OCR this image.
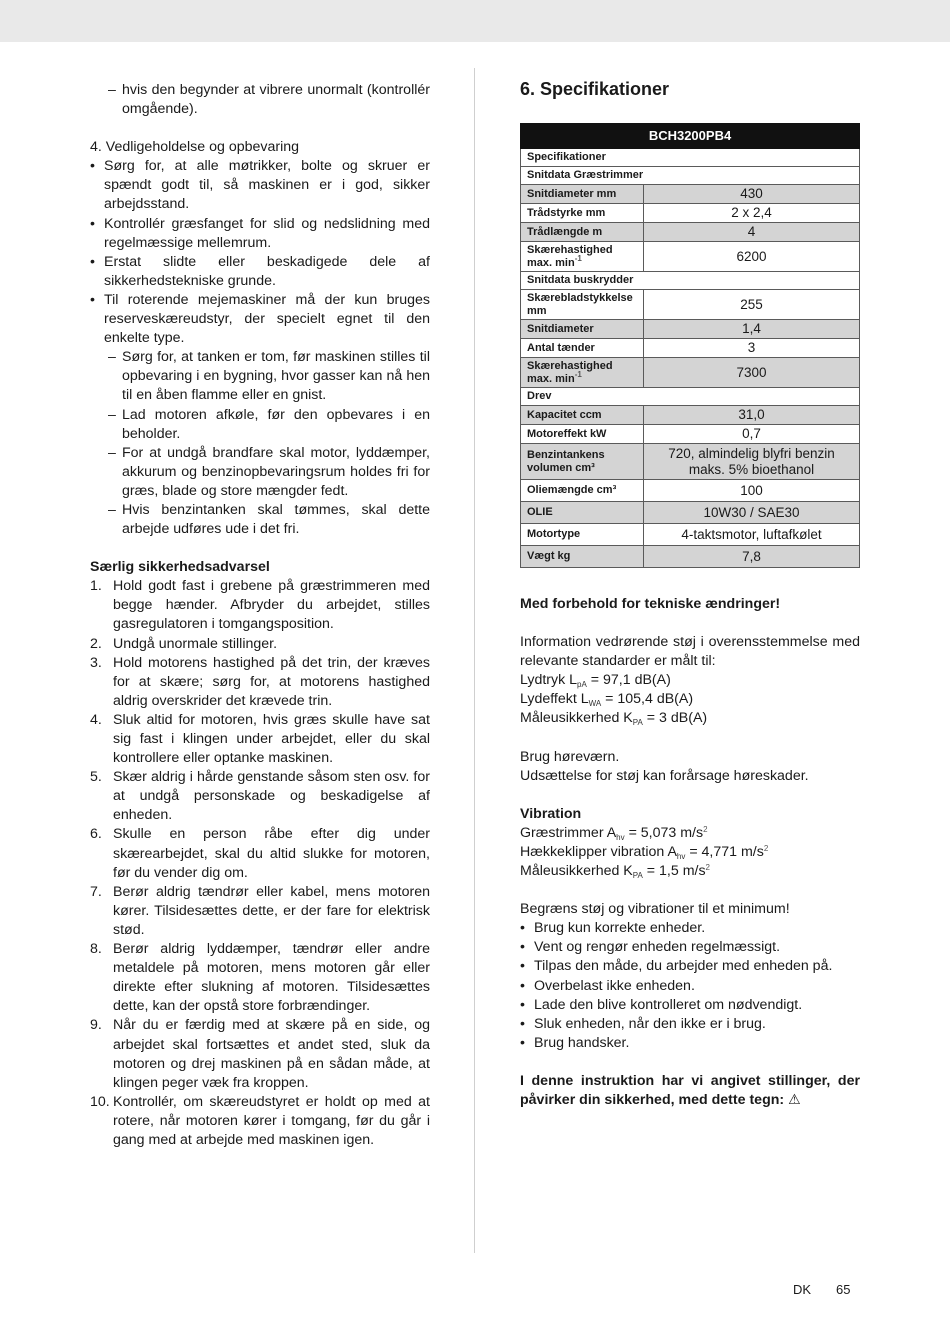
– hvis den begynder at vibrere unormalt (kontrollér omgående).
4. Vedligeholdelse og opbevaring
• Sørg for, at alle møtrikker, bolte og skruer er spændt godt til, så maskinen er i god, sikker arbejdsstand.
• Kontrollér græsfanget for slid og nedslidning med regelmæssige mellemrum.
• Erstat slidte eller beskadigede dele af sikkerhedstekniske grunde.
• Til roterende mejemaskiner må der kun bruges reserveskæreudstyr, der specielt egnet til den enkelte type.
– Sørg for, at tanken er tom, før maskinen stilles til opbevaring i en bygning, hvor gasser kan nå hen til en åben flamme eller en gnist.
– Lad motoren afkøle, før den opbevares i en beholder.
– For at undgå brandfare skal motor, lyddæmper, akkurum og benzinopbevaringsrum holdes fri for græs, blade og store mængder fedt.
– Hvis benzintanken skal tømmes, skal dette arbejde udføres ude i det fri.
Særlig sikkerhedsadvarsel
1. Hold godt fast i grebene på græstrimmeren med begge hænder. Afbryder du arbejdet, stilles gasregulatoren i tomgangsposition.
2. Undgå unormale stillinger.
3. Hold motorens hastighed på det trin, der kræves for at skære; sørg for, at motorens hastighed aldrig overskrider det krævede trin.
4. Sluk altid for motoren, hvis græs skulle have sat sig fast i klingen under arbejdet, eller du skal kontrollere eller optanke maskinen.
5. Skær aldrig i hårde genstande såsom sten osv. for at undgå personskade og beskadigelse af enheden.
6. Skulle en person råbe efter dig under skærearbejdet, skal du altid slukke for motoren, før du vender dig om.
7. Berør aldrig tændrør eller kabel, mens motoren kører. Tilsidesættes dette, er der fare for elektrisk stød.
8. Berør aldrig lyddæmper, tændrør eller andre metaldele på motoren, mens motoren går eller direkte efter slukning af motoren. Tilsidesættes dette, kan der opstå store forbrændinger.
9. Når du er færdig med at skære på en side, og arbejdet skal fortsættes et andet sted, sluk da motoren og drej maskinen på en sådan måde, at klingen peger væk fra kroppen.
10. Kontrollér, om skæreudstyret er holdt op med at rotere, når motoren kører i tomgang, før du går i gang med at arbejde med maskinen igen.
6. Specifikationer
BCH3200PB4	
Specifikationer	
Snitdata Græstrimmer	
Snitdiameter mm	430
Trådstyrke mm	2 x 2,4
Trådlængde m	4
Skærehastighed
max. $\min^{-1}$	6200
Snitdata buskrydder	
Skærebladstykkelse
mm	255
Snitdiameter	1,4
Antal tænder	3
Skærehastighed
max. $\min^{-1}$	7300
Drev	
Kapacitet ccm	31,0
Motoreffekt kW	0,7
Benzintankens
volumen cm³	720, almindelig blyfri benzin maks. 5% bioethanol
Oliemængde cm³	100
OLIE	10W30 / SAE30
Motortype	4-taktsmotor, luftafkølet
Vægt kg	7,8
Med forbehold for tekniske ændringer!
Information vedrørende støj i overensstemmelse med relevante standarder er målt til:
Lydtryk $L_{pA} = 97,1$ dB(A)
Lydeffekt $L_{WA} = 105,4$ dB(A)
Måleusikkerhed $K_{PA} = 3$ dB(A)
Brug høreværn.
Udsættelse for støj kan forårsage høreskader.
Vibration
Græstrimmer $A_{hv} = 5,073$ $m/s^2$
Hækkeklipper vibration $A_{hv} = 4,771$ $m/s^2$
Måleusikkerhed $K_{PA} = 1,5$ $m/s^2$
Begræns støj og vibrationer til et minimum!
• Brug kun korrekte enheder.
• Vent og rengør enheden regelmæssigt.
• Tilpas den måde, du arbejder med enheden på.
• Overbelast ikke enheden.
• Lade den blive kontrolleret om nødvendigt.
• Sluk enheden, når den ikke er i brug.
• Brug handsker.
I denne instruktion har vi angivet stillinger, der påvirker din sikkerhed, med dette tegn: ⚠
DK 65
